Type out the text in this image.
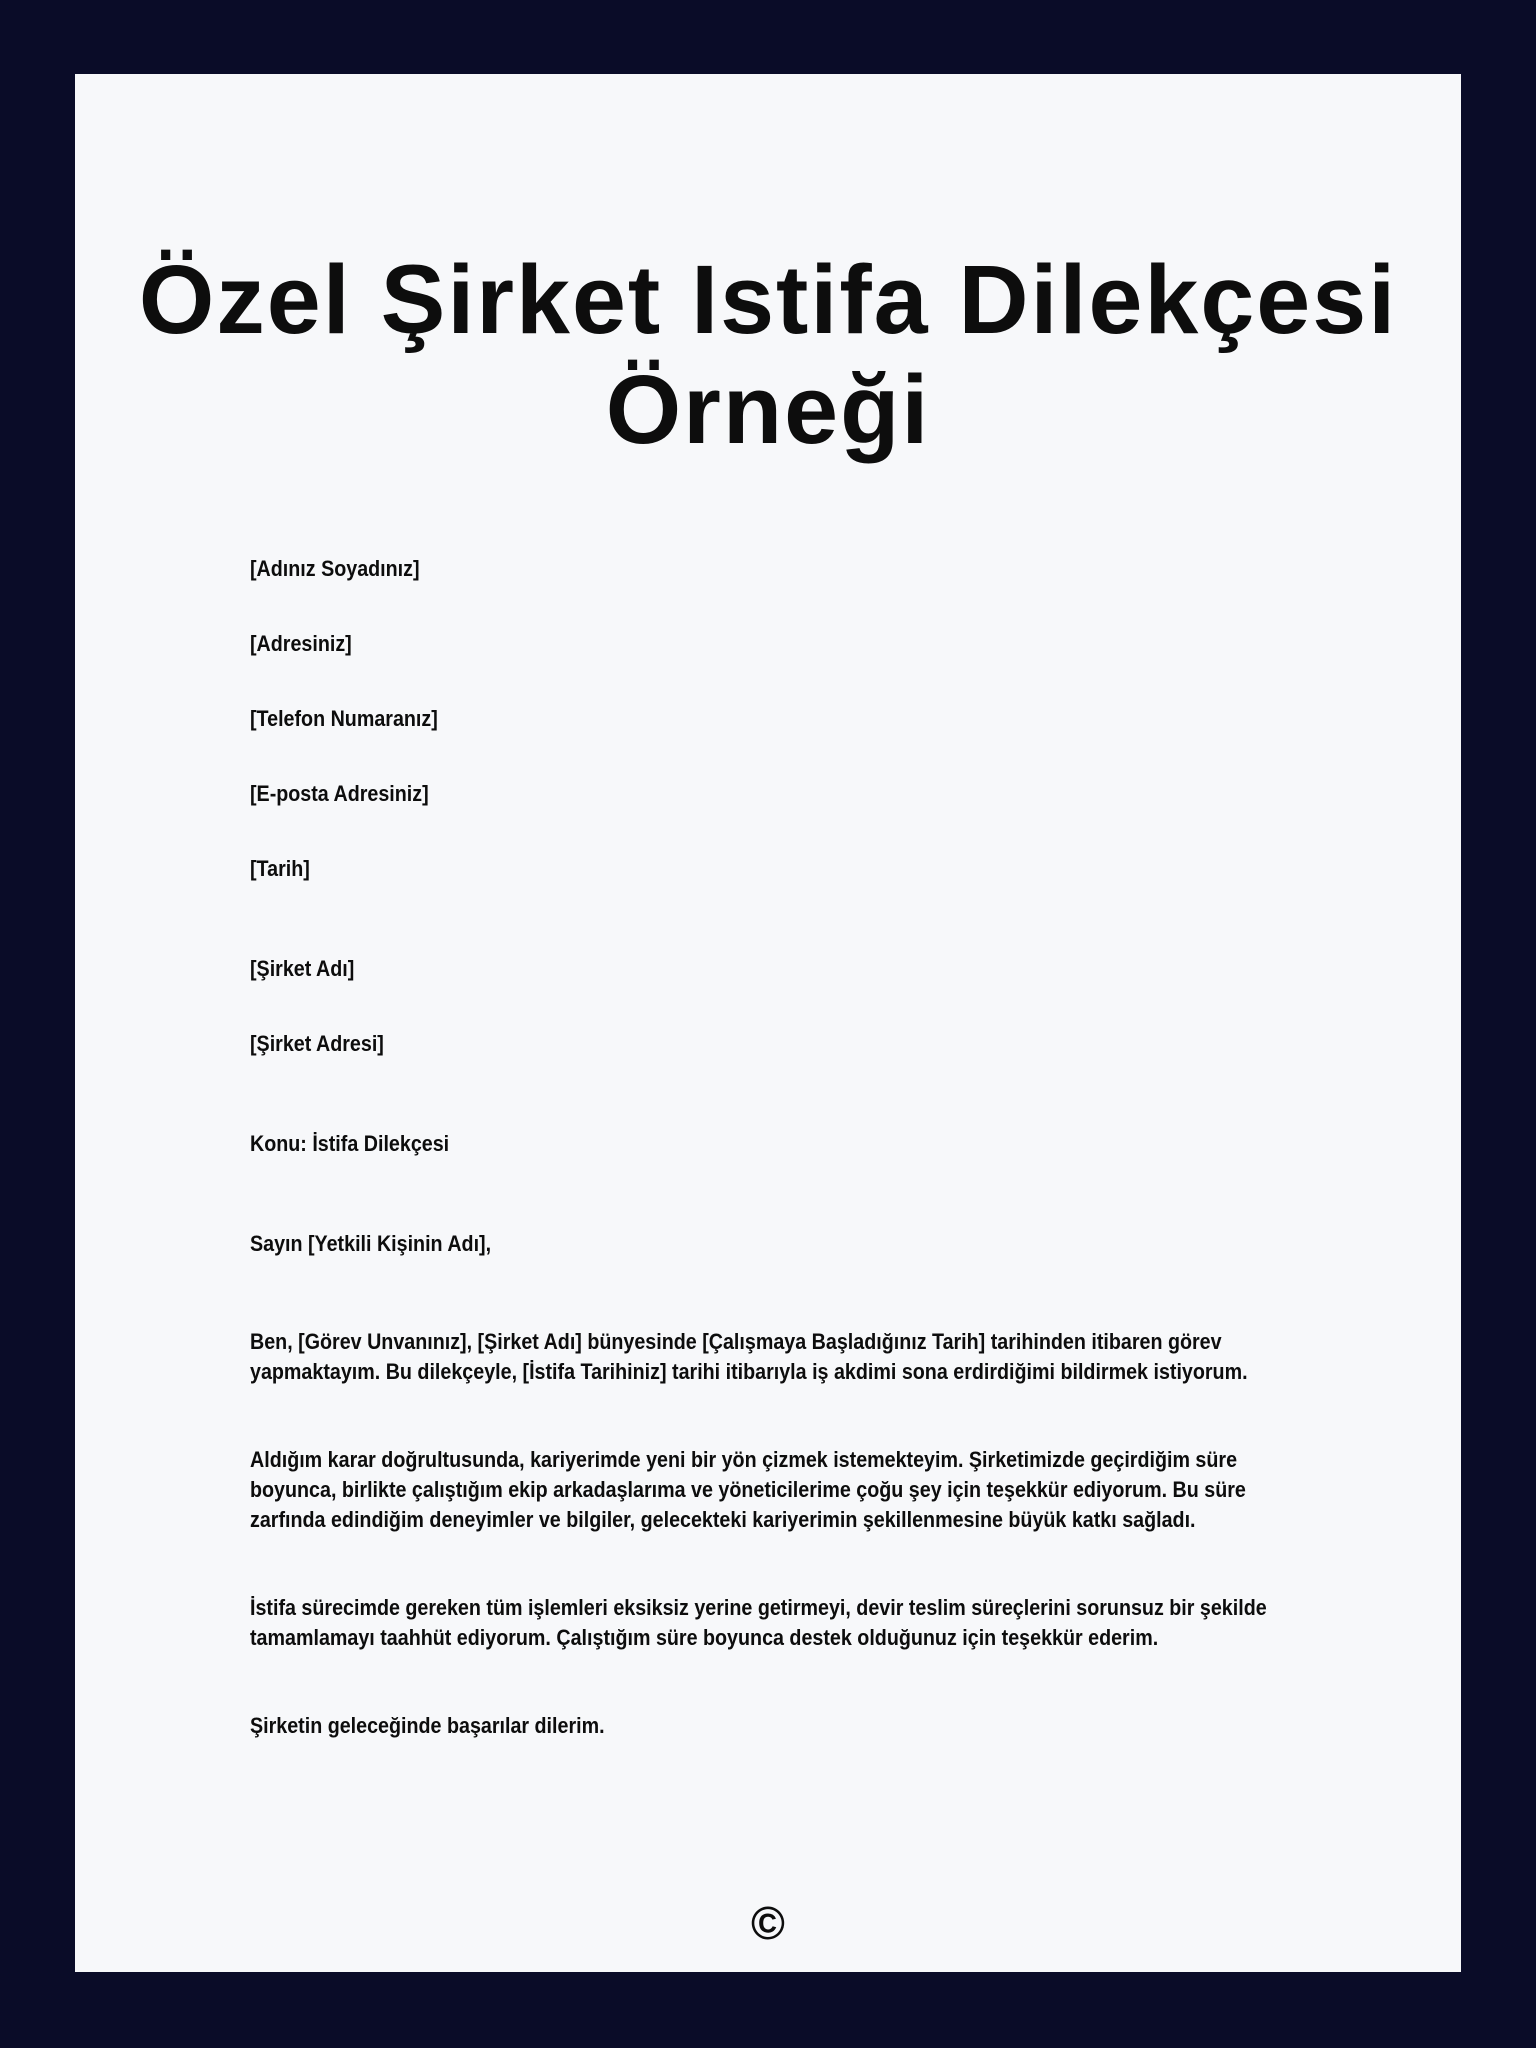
Özel Şirket Istifa Dilekçesi
Örneği

[Adınız Soyadınız]

[Adresiniz]

[Telefon Numaranız]

[E-posta Adresiniz]

[Tarih]

[Şirket Adı]

[Şirket Adresi]

Konu: İstifa Dilekçesi

Sayın [Yetkili Kişinin Adı],

Ben, [Görev Unvanınız], [Şirket Adı] bünyesinde [Çalışmaya Başladığınız Tarih] tarihinden itibaren görev yapmaktayım. Bu dilekçeyle, [İstifa Tarihiniz] tarihi itibarıyla iş akdimi sona erdirdiğimi bildirmek istiyorum.

Aldığım karar doğrultusunda, kariyerimde yeni bir yön çizmek istemekteyim. Şirketimizde geçirdiğim süre boyunca, birlikte çalıştığım ekip arkadaşlarıma ve yöneticilerime çoğu şey için teşekkür ediyorum. Bu süre zarfında edindiğim deneyimler ve bilgiler, gelecekteki kariyerimin şekillenmesine büyük katkı sağladı.

İstifa sürecimde gereken tüm işlemleri eksiksiz yerine getirmeyi, devir teslim süreçlerini sorunsuz bir şekilde tamamlamayı taahhüt ediyorum. Çalıştığım süre boyunca destek olduğunuz için teşekkür ederim.

Şirketin geleceğinde başarılar dilerim.

©
